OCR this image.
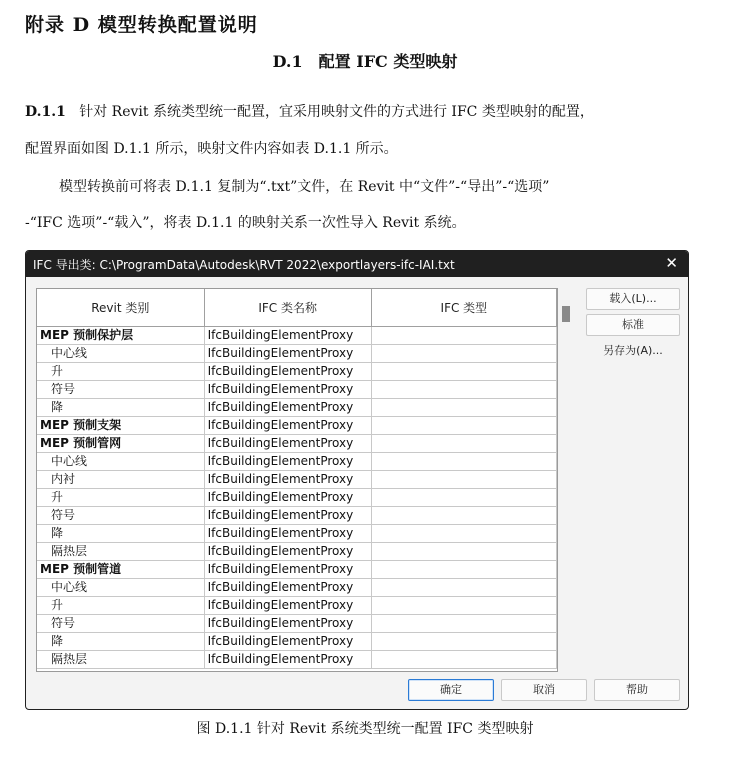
附录 D 模型转换配置说明
D.1　配置 IFC 类型映射
D.1.1 针对 Revit 系统类型统一配置，宜采用映射文件的方式进行 IFC 类型映射的配置，
配置界面如图 D.1.1 所示，映射文件内容如表 D.1.1 所示。
模型转换前可将表 D.1.1 复制为“.txt”文件，在 Revit 中“文件”-“导出”-“选项”
-“IFC 选项”-“载入”，将表 D.1.1 的映射关系一次性导入 Revit 系统。
IFC 导出类: C:\ProgramData\Autodesk\RVT 2022\exportlayers-ifc-IAI.txt	✕
Revit 类别	IFC 类名称	IFC 类型
MEP 预制保护层	IfcBuildingElementProxy	
中心线	IfcBuildingElementProxy	
升	IfcBuildingElementProxy	
符号	IfcBuildingElementProxy	
降	IfcBuildingElementProxy	
MEP 预制支架	IfcBuildingElementProxy	
MEP 预制管网	IfcBuildingElementProxy	
中心线	IfcBuildingElementProxy	
内衬	IfcBuildingElementProxy	
升	IfcBuildingElementProxy	
符号	IfcBuildingElementProxy	
降	IfcBuildingElementProxy	
隔热层	IfcBuildingElementProxy	
MEP 预制管道	IfcBuildingElementProxy	
中心线	IfcBuildingElementProxy	
升	IfcBuildingElementProxy	
符号	IfcBuildingElementProxy	
降	IfcBuildingElementProxy	
隔热层	IfcBuildingElementProxy	
载入(L)...
标准
另存为(A)...
确定	取消	帮助
图 D.1.1 针对 Revit 系统类型统一配置 IFC 类型映射
